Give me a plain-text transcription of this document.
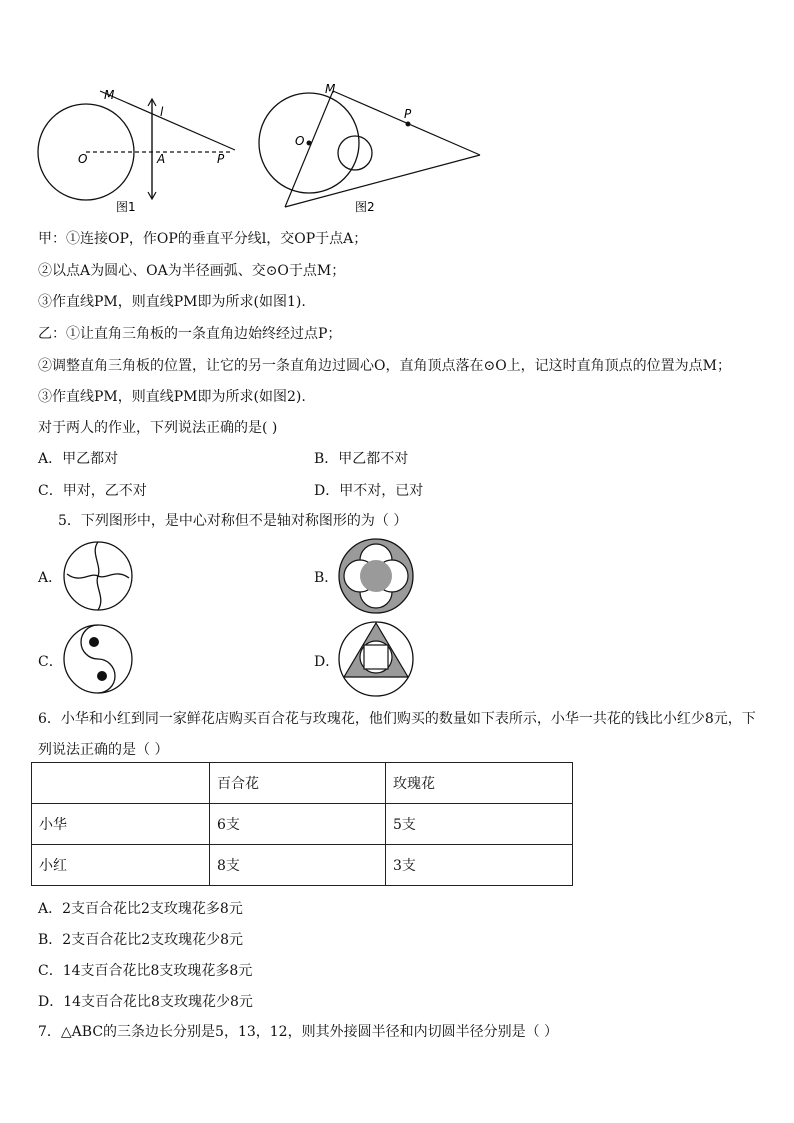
M
l
O	A	P
图1
M
O
P
图2
甲：①连接OP，作OP的垂直平分线l，交OP于点A；
②以点A为圆心、OA为半径画弧、交⊙O于点M；
③作直线PM，则直线PM即为所求(如图1).
乙：①让直角三角板的一条直角边始终经过点P；
②调整直角三角板的位置，让它的另一条直角边过圆心O，直角顶点落在⊙O上，记这时直角顶点的位置为点M；
③作直线PM，则直线PM即为所求(如图2).
对于两人的作业，下列说法正确的是( )
A．甲乙都对	B．甲乙都不对
C．甲对，乙不对	D．甲不对，已对
5．下列图形中，是中心对称但不是轴对称图形的为（ ）
A．	B．
C．	D．
6．小华和小红到同一家鲜花店购买百合花与玫瑰花，他们购买的数量如下表所示，小华一共花的钱比小红少8元，下
列说法正确的是（ ）
	百合花	玫瑰花
小华	6支	5支
小红	8支	3支
A．2支百合花比2支玫瑰花多8元
B．2支百合花比2支玫瑰花少8元
C．14支百合花比8支玫瑰花多8元
D．14支百合花比8支玫瑰花少8元
7．△ABC的三条边长分别是5，13，12，则其外接圆半径和内切圆半径分别是（ ）
